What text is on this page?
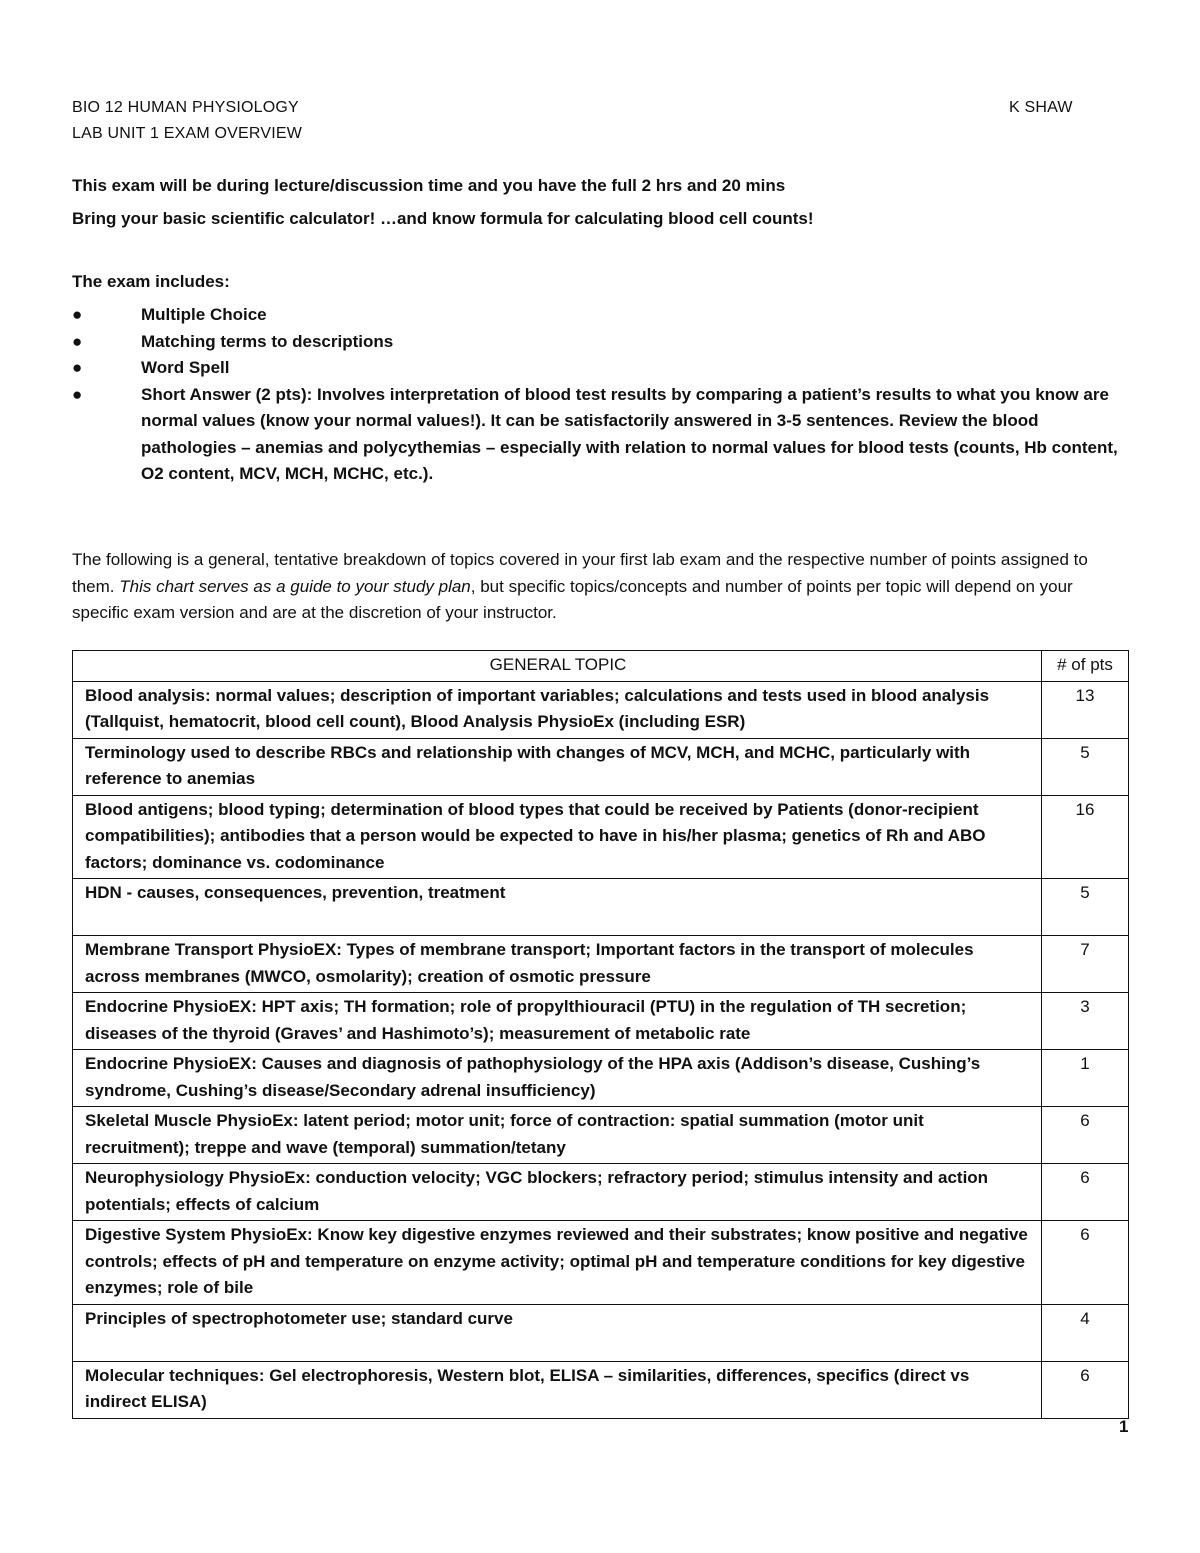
BIO 12 HUMAN PHYSIOLOGY	K SHAW
LAB UNIT 1 EXAM OVERVIEW
This exam will be during lecture/discussion time and you have the full 2 hrs and 20 mins
Bring your basic scientific calculator! …and know formula for calculating blood cell counts!
The exam includes:
●	Multiple Choice
●	Matching terms to descriptions
●	Word Spell
●	Short Answer (2 pts): Involves interpretation of blood test results by comparing a patient’s results to what you know are normal values (know your normal values!). It can be satisfactorily answered in 3-5 sentences. Review the blood pathologies – anemias and polycythemias – especially with relation to normal values for blood tests (counts, Hb content, O2 content, MCV, MCH, MCHC, etc.).
The following is a general, tentative breakdown of topics covered in your first lab exam and the respective number of points assigned to them. This chart serves as a guide to your study plan, but specific topics/concepts and number of points per topic will depend on your specific exam version and are at the discretion of your instructor.
GENERAL TOPIC	# of pts
Blood analysis: normal values; description of important variables; calculations and tests used in blood analysis (Tallquist, hematocrit, blood cell count), Blood Analysis PhysioEx (including ESR)	13
Terminology used to describe RBCs and relationship with changes of MCV, MCH, and MCHC, particularly with reference to anemias	5
Blood antigens; blood typing; determination of blood types that could be received by Patients (donor-recipient compatibilities); antibodies that a person would be expected to have in his/her plasma; genetics of Rh and ABO factors; dominance vs. codominance	16
HDN - causes, consequences, prevention, treatment	5
Membrane Transport PhysioEX: Types of membrane transport; Important factors in the transport of molecules across membranes (MWCO, osmolarity); creation of osmotic pressure	7
Endocrine PhysioEX: HPT axis; TH formation; role of propylthiouracil (PTU) in the regulation of TH secretion; diseases of the thyroid (Graves’ and Hashimoto’s); measurement of metabolic rate	3
Endocrine PhysioEX: Causes and diagnosis of pathophysiology of the HPA axis (Addison’s disease, Cushing’s syndrome, Cushing’s disease/Secondary adrenal insufficiency)	1
Skeletal Muscle PhysioEx: latent period; motor unit; force of contraction: spatial summation (motor unit recruitment); treppe and wave (temporal) summation/tetany	6
Neurophysiology PhysioEx: conduction velocity; VGC blockers; refractory period; stimulus intensity and action potentials; effects of calcium	6
Digestive System PhysioEx: Know key digestive enzymes reviewed and their substrates; know positive and negative controls; effects of pH and temperature on enzyme activity; optimal pH and temperature conditions for key digestive enzymes; role of bile	6
Principles of spectrophotometer use; standard curve	4
Molecular techniques: Gel electrophoresis, Western blot, ELISA – similarities, differences, specifics (direct vs indirect ELISA)	6
1
